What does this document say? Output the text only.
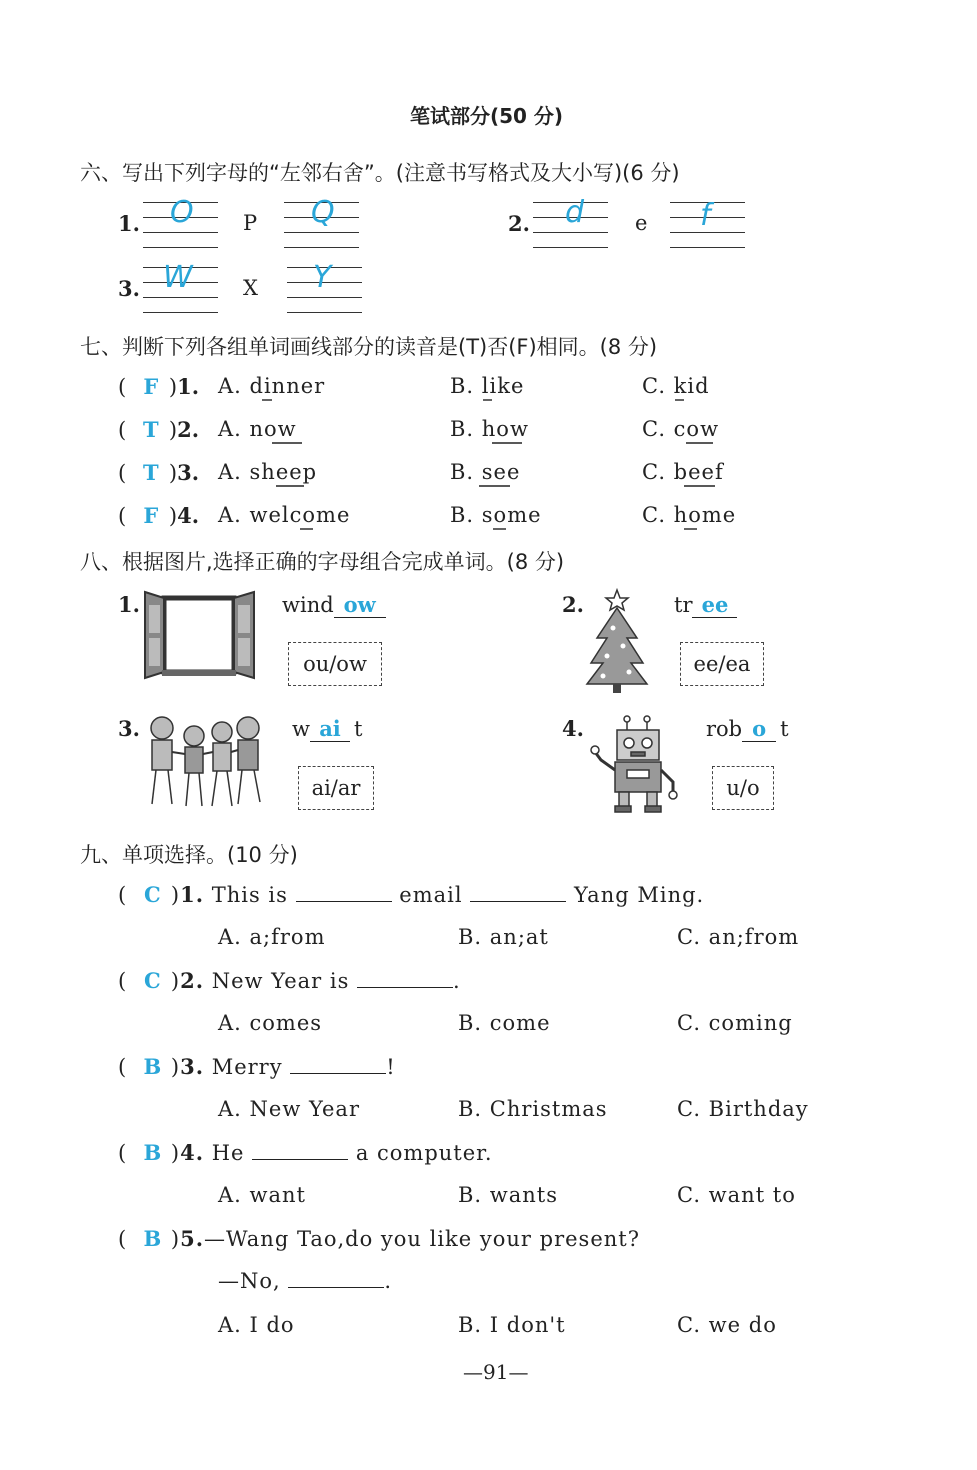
笔试部分(50 分)
六、写出下列字母的“左邻右舍”。(注意书写格式及大小写)(6 分)
1. O P Q	2. d e f
3. W X Y
七、判断下列各组单词画线部分的读音是(T)否(F)相同。(8 分)
( F )1. A. dinner	B. like	C. kid
( T )2. A. now	B. how	C. cow
( T )3. A. sheep	B. see	C. beef
( F )4. A. welcome	B. some	C. home
八、根据图片,选择正确的字母组合完成单词。(8 分)
1.	wind ow
ou/ow
2.	tr ee
ee/ea
3.	w ai t
ai/ar
4.	rob o t
u/o
九、单项选择。(10 分)
( C )1. This is	email	Yang Ming.
A. a;from	B. an;at	C. an;from
( C )2. New Year is	.
A. comes	B. come	C. coming
( B )3. Merry	!
A. New Year	B. Christmas	C. Birthday
( B )4. He	a computer.
A. want	B. wants	C. want to
( B )5.—Wang Tao,do you like your present?
—No,	.
A. I do	B. I don't	C. we do
—91—
